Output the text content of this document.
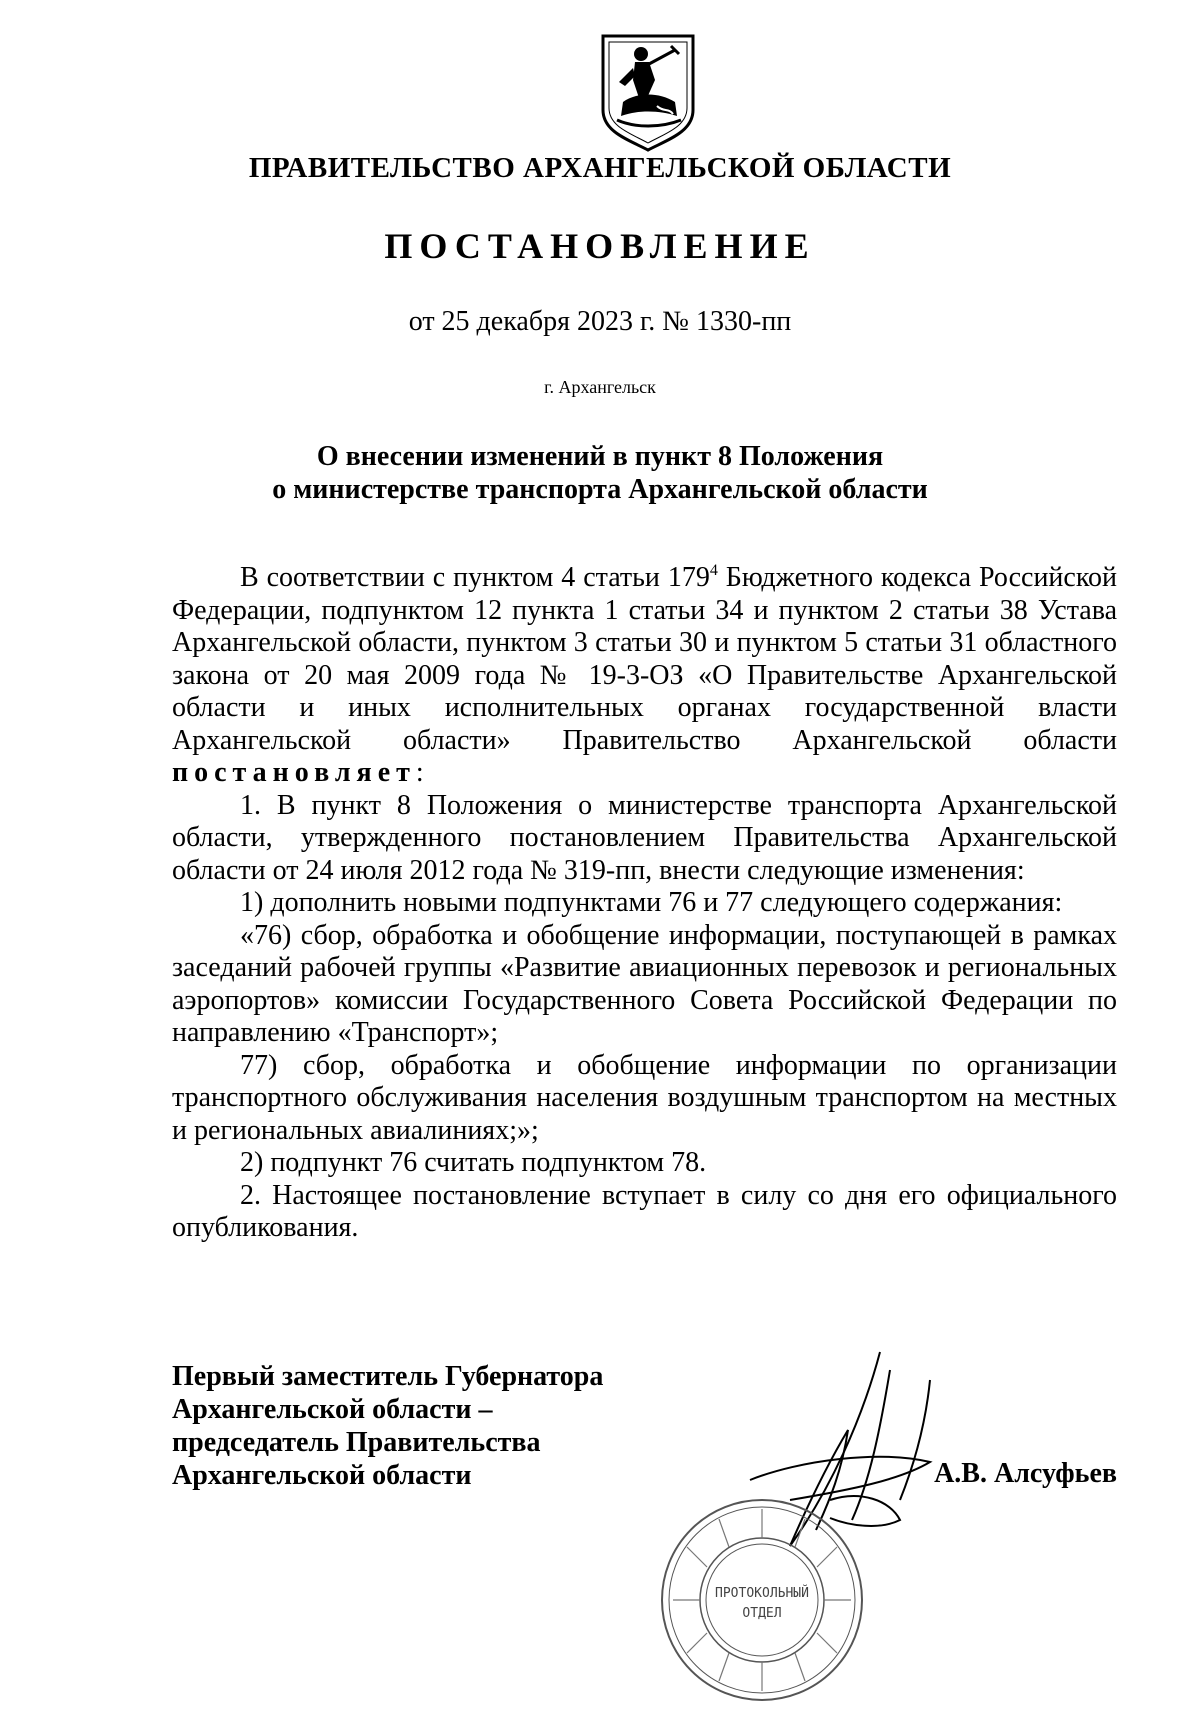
ПРАВИТЕЛЬСТВО АРХАНГЕЛЬСКОЙ ОБЛАСТИ
ПОСТАНОВЛЕНИЕ
от 25 декабря 2023 г. № 1330-пп
г. Архангельск
О внесении изменений в пункт 8 Положения
о министерстве транспорта Архангельской области

В соответствии с пунктом 4 статьи $179^4$ Бюджетного кодекса Российской Федерации, подпунктом 12 пункта 1 статьи 34 и пунктом 2 статьи 38 Устава Архангельской области, пунктом 3 статьи 30 и пунктом 5 статьи 31 областного закона от 20 мая 2009 года № 19-3-ОЗ «О Правительстве Архангельской области и иных исполнительных органах государственной власти Архангельской области» Правительство Архангельской области постановляет:

1. В пункт 8 Положения о министерстве транспорта Архангельской области, утвержденного постановлением Правительства Архангельской области от 24 июля 2012 года № 319-пп, внести следующие изменения:

1) дополнить новыми подпунктами 76 и 77 следующего содержания:

«76) сбор, обработка и обобщение информации, поступающей в рамках заседаний рабочей группы «Развитие авиационных перевозок и региональных аэропортов» комиссии Государственного Совета Российской Федерации по направлению «Транспорт»;

77) сбор, обработка и обобщение информации по организации транспортного обслуживания населения воздушным транспортом на местных и региональных авиалиниях;»;

2) подпункт 76 считать подпунктом 78.

2. Настоящее постановление вступает в силу со дня его официального опубликования.

Первый заместитель Губернатора
Архангельской области –
председатель Правительства
Архангельской области	А.В. Алсуфьев
ПРОТОКОЛЬНЫЙ
ОТДЕЛ
